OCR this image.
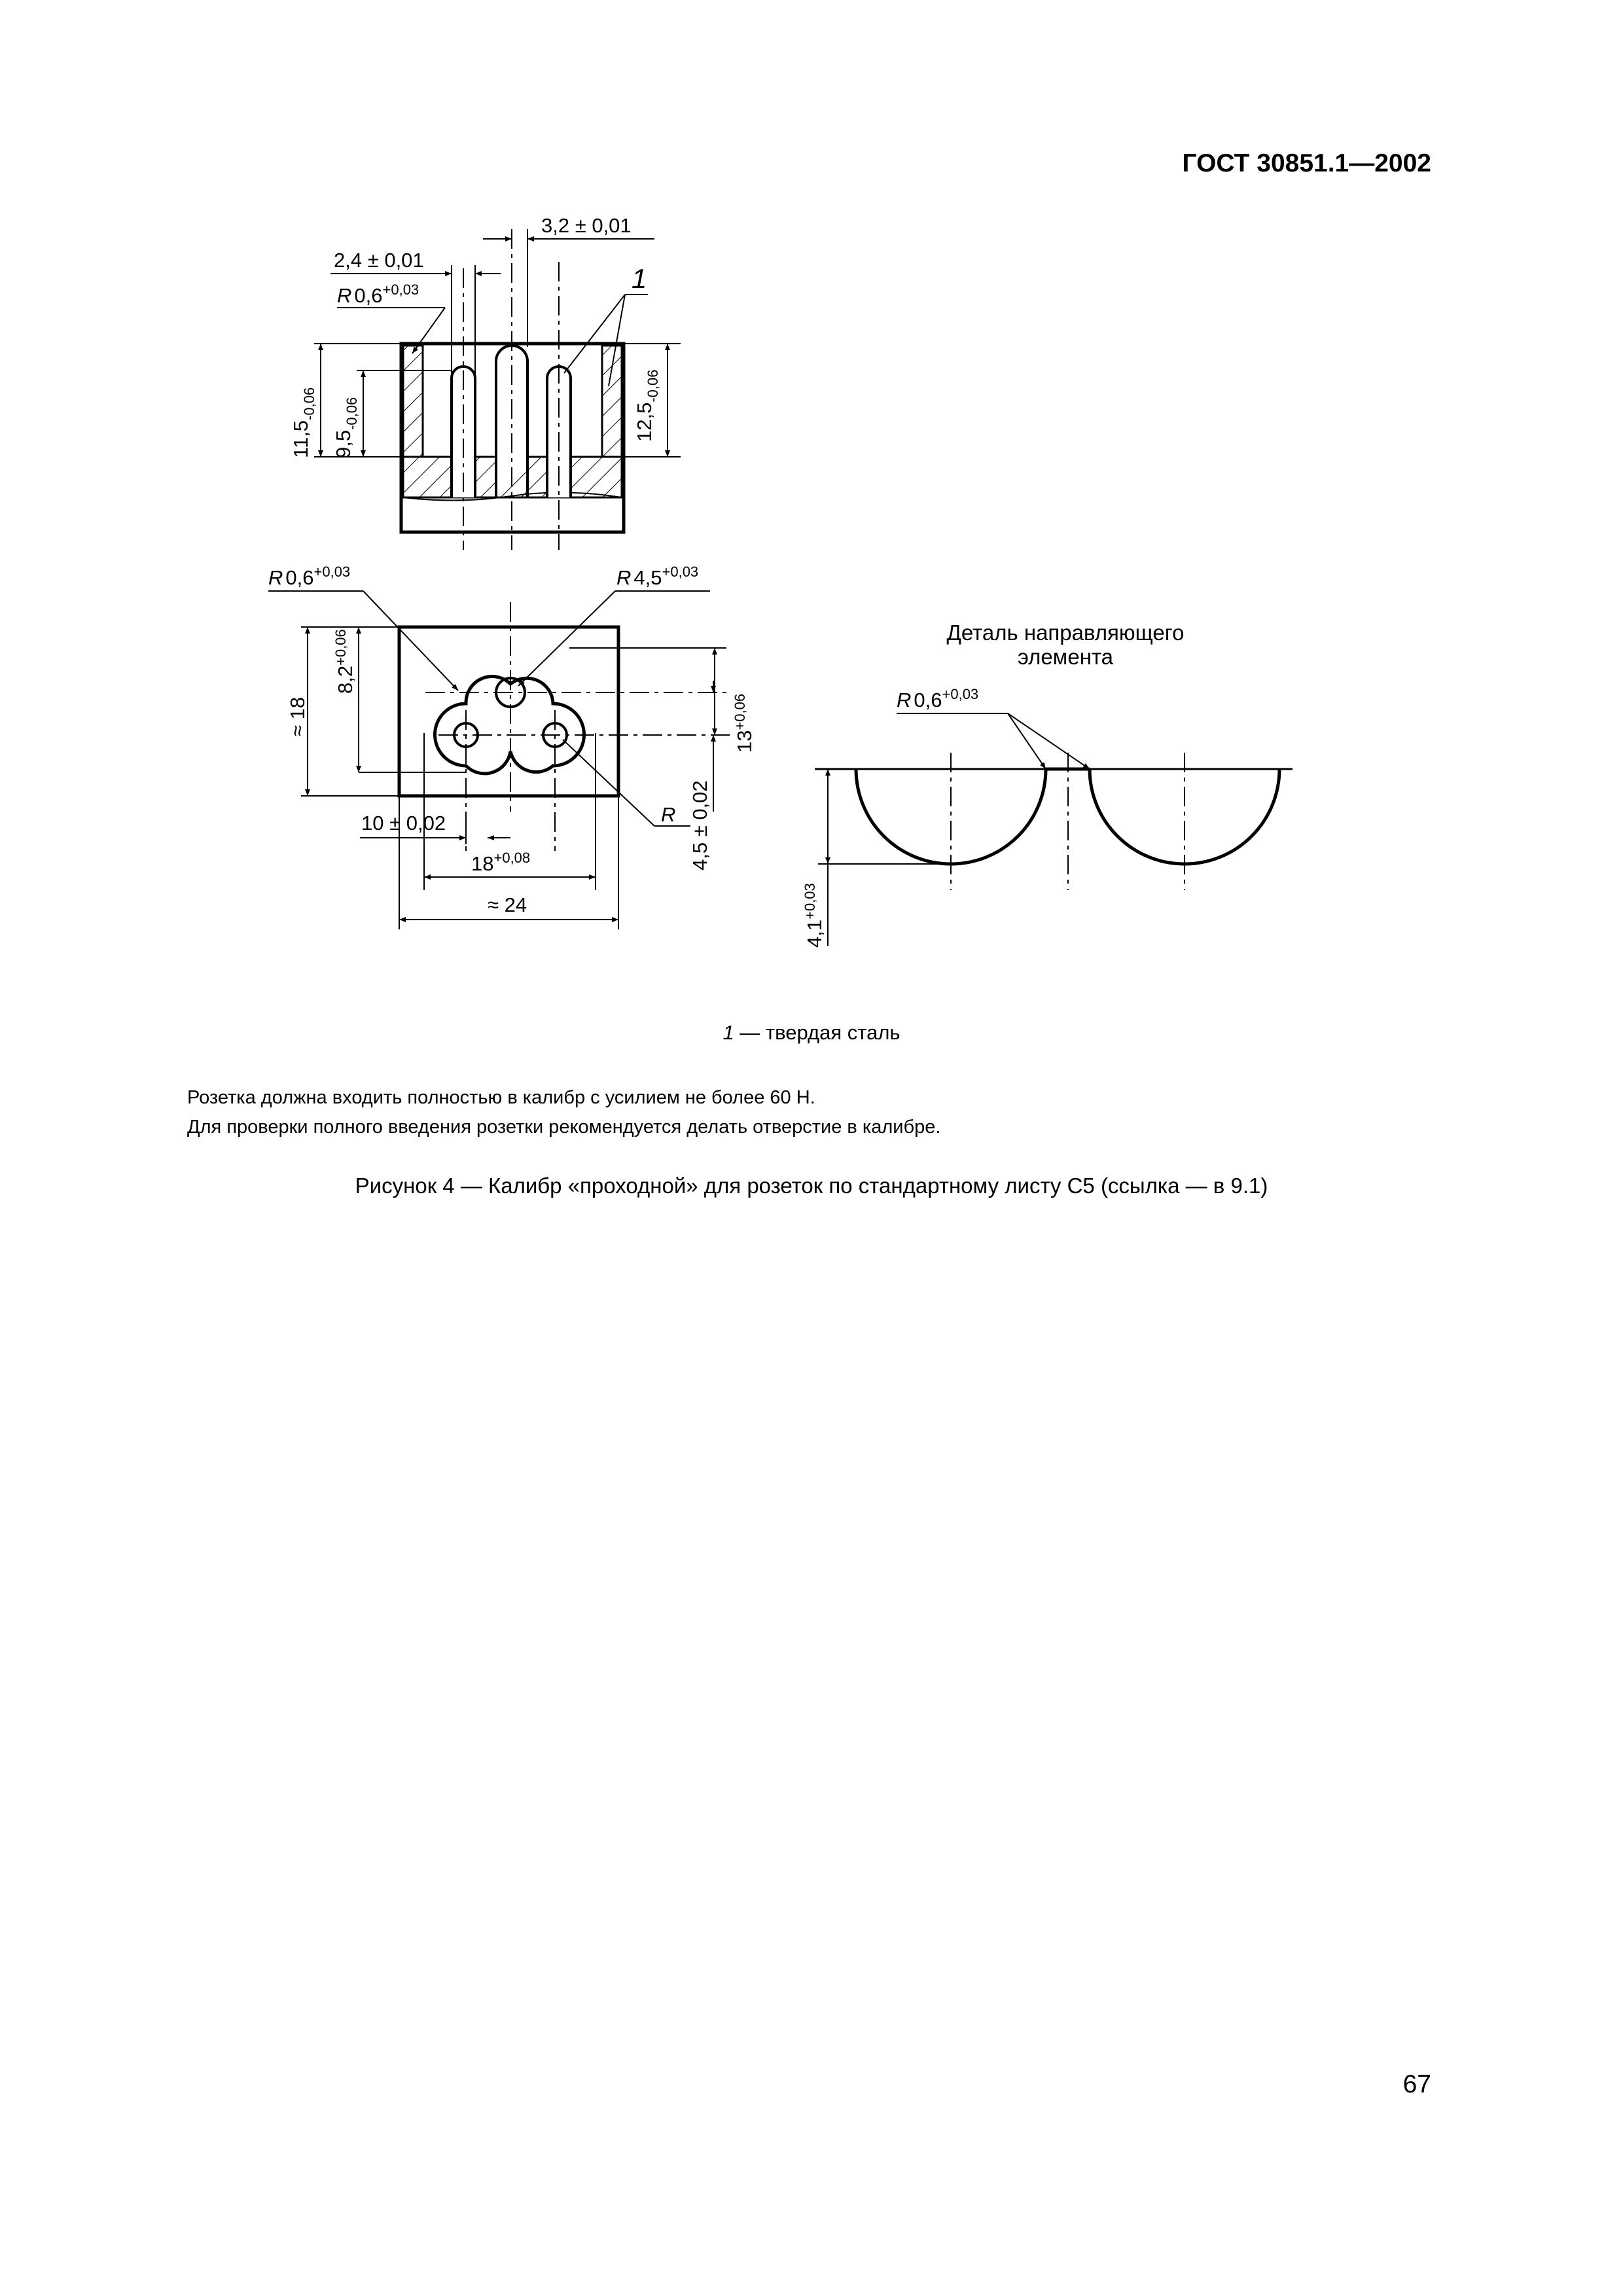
ГОСТ 30851.1—2002
3,2 ± 0,01
2,4 ± 0,01
R $0,6^{+0,03}$	1
$11,5_{-0,06}$
$9,5_{-0,06}$	$12,5_{-0,06}$
R $0,6^{+0,03}$	R $4,5^{+0,03}$
≈ 18
$8,2^{+0,06}$
$13^{+0,06}$
4,5 ± 0,02
R
10 ± 0,02
$18^{+0,08}$
≈ 24
Деталь направляющего
элемента
R $0,6^{+0,03}$
$4,1^{+0,03}$
1 — твердая сталь
Розетка должна входить полностью в калибр с усилием не более 60 Н.
Для проверки полного введения розетки рекомендуется делать отверстие в калибре.
Рисунок 4 — Калибр «проходной» для розеток по стандартному листу С5 (ссылка — в 9.1)
67
